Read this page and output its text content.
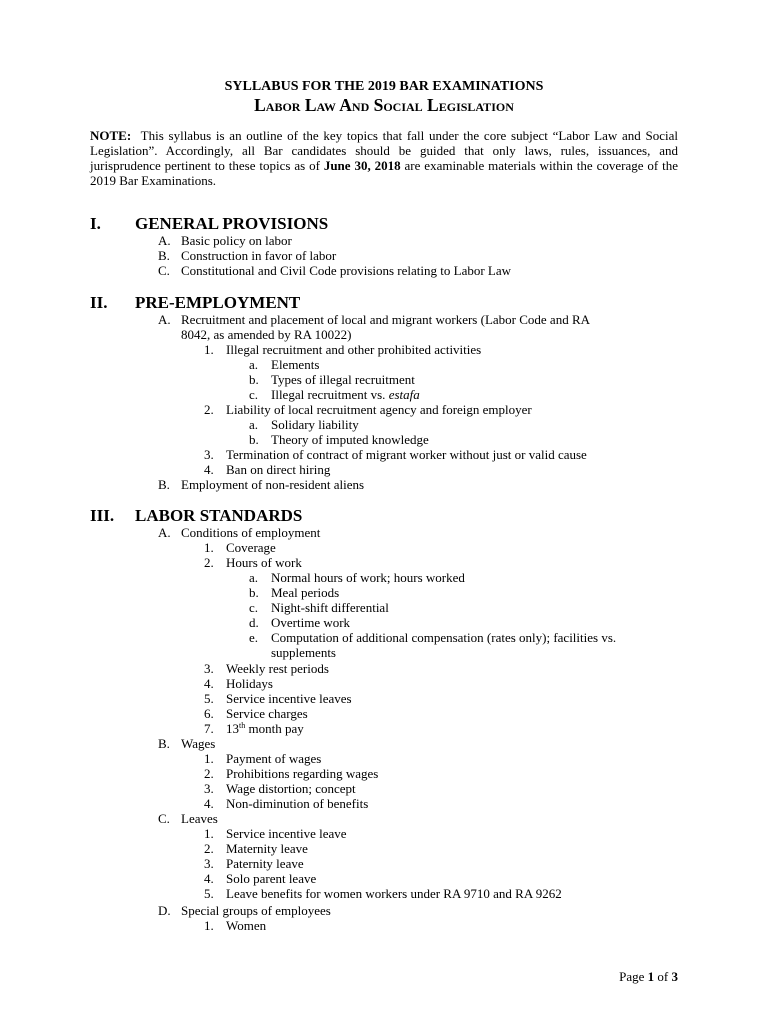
SYLLABUS FOR THE 2019 BAR EXAMINATIONS
Labor Law And Social Legislation
NOTE: This syllabus is an outline of the key topics that fall under the core subject “Labor Law and Social Legislation”. Accordingly, all Bar candidates should be guided that only laws, rules, issuances, and jurisprudence pertinent to these topics as of June 30, 2018 are examinable materials within the coverage of the 2019 Bar Examinations.
I. GENERAL PROVISIONS
A. Basic policy on labor
B. Construction in favor of labor
C. Constitutional and Civil Code provisions relating to Labor Law
II. PRE-EMPLOYMENT
A. Recruitment and placement of local and migrant workers (Labor Code and RA
8042, as amended by RA 10022)
1. Illegal recruitment and other prohibited activities
a. Elements
b. Types of illegal recruitment
c. Illegal recruitment vs. estafa
2. Liability of local recruitment agency and foreign employer
a. Solidary liability
b. Theory of imputed knowledge
3. Termination of contract of migrant worker without just or valid cause
4. Ban on direct hiring
B. Employment of non-resident aliens
III. LABOR STANDARDS
A. Conditions of employment
1. Coverage
2. Hours of work
a. Normal hours of work; hours worked
b. Meal periods
c. Night-shift differential
d. Overtime work
e. Computation of additional compensation (rates only); facilities vs.
supplements
3. Weekly rest periods
4. Holidays
5. Service incentive leaves
6. Service charges
7. 13th month pay
B. Wages
1. Payment of wages
2. Prohibitions regarding wages
3. Wage distortion; concept
4. Non-diminution of benefits
C. Leaves
1. Service incentive leave
2. Maternity leave
3. Paternity leave
4. Solo parent leave
5. Leave benefits for women workers under RA 9710 and RA 9262
D. Special groups of employees
1. Women
Page 1 of 3
